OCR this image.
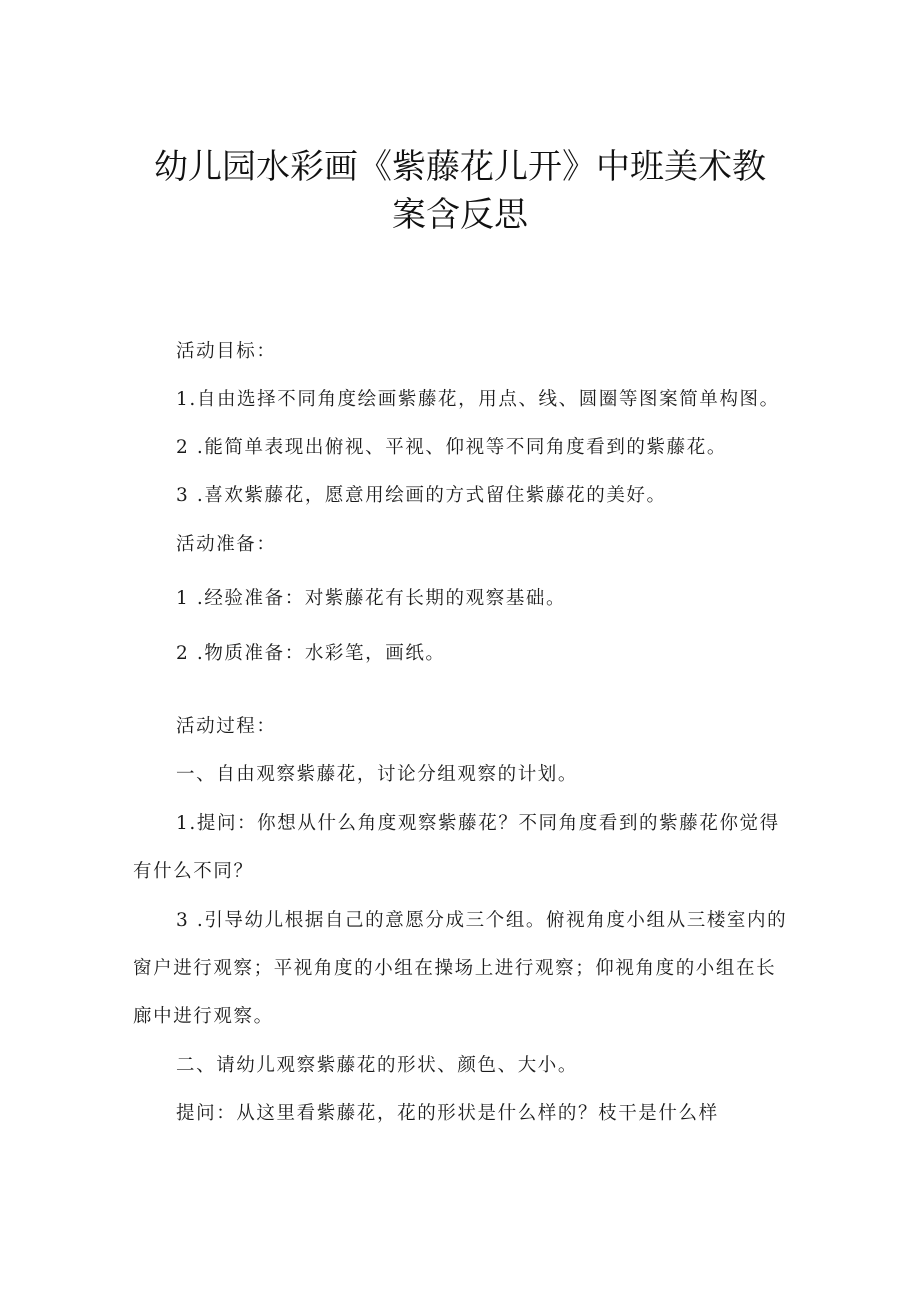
幼儿园水彩画《紫藤花儿开》中班美术教
案含反思
活动目标：
1.自由选择不同角度绘画紫藤花，用点、线、圆圈等图案简单构图。
2 .能简单表现出俯视、平视、仰视等不同角度看到的紫藤花。
3 .喜欢紫藤花，愿意用绘画的方式留住紫藤花的美好。
活动准备：
1 .经验准备：对紫藤花有长期的观察基础。
2 .物质准备：水彩笔，画纸。
活动过程：
一、自由观察紫藤花，讨论分组观察的计划。
1.提问：你想从什么角度观察紫藤花？不同角度看到的紫藤花你觉得
有什么不同？
3 .引导幼儿根据自己的意愿分成三个组。俯视角度小组从三楼室内的
窗户进行观察；平视角度的小组在操场上进行观察；仰视角度的小组在长
廊中进行观察。
二、请幼儿观察紫藤花的形状、颜色、大小。
提问：从这里看紫藤花，花的形状是什么样的？枝干是什么样
